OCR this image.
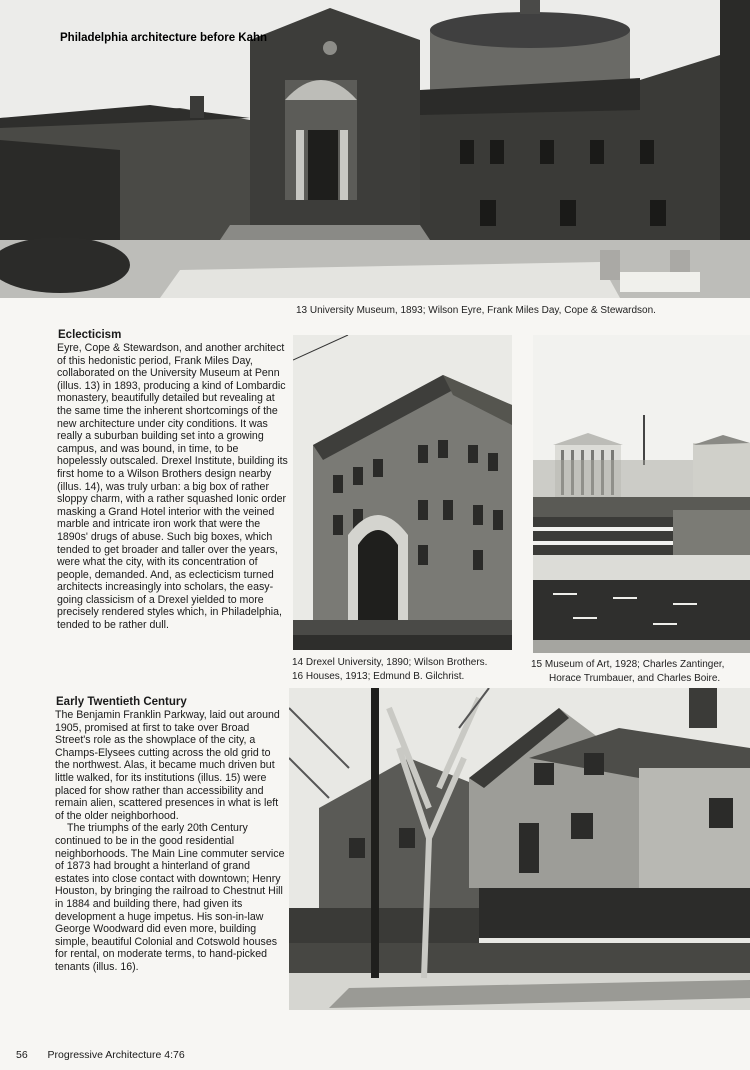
Philadelphia architecture before Kahn
13 University Museum, 1893; Wilson Eyre, Frank Miles Day, Cope & Stewardson.
14 Drexel University, 1890; Wilson Brothers.
16 Houses, 1913; Edmund B. Gilchrist.
15 Museum of Art, 1928; Charles Zantinger,
Horace Trumbauer, and Charles Boire.
Eclecticism

Eyre, Cope & Stewardson, and another architect of this hedonistic period, Frank Miles Day, collaborated on the University Museum at Penn (illus. 13) in 1893, producing a kind of Lombardic monastery, beautifully detailed but revealing at the same time the inherent shortcomings of the new architecture under city conditions. It was really a suburban building set into a growing campus, and was bound, in time, to be hopelessly outscaled. Drexel Institute, building its first home to a Wilson Brothers design nearby (illus. 14), was truly urban: a big box of rather sloppy charm, with a rather squashed Ionic order masking a Grand Hotel interior with the veined marble and intricate iron work that were the 1890s' drugs of abuse. Such big boxes, which tended to get broader and taller over the years, were what the city, with its concentration of people, demanded. And, as eclecticism turned architects increasingly into scholars, the easy-going classicism of a Drexel yielded to more precisely rendered styles which, in Philadelphia, tended to be rather dull.

Early Twentieth Century

The Benjamin Franklin Parkway, laid out around 1905, promised at first to take over Broad Street's role as the showplace of the city, a Champs-Elysees cutting across the old grid to the northwest. Alas, it became much driven but little walked, for its institutions (illus. 15) were placed for show rather than accessibility and remain alien, scattered presences in what is left of the older neighborhood.

The triumphs of the early 20th Century continued to be in the good residential neighborhoods. The Main Line commuter service of 1873 had brought a hinterland of grand estates into close contact with downtown; Henry Houston, by bringing the railroad to Chestnut Hill in 1884 and building there, had given its development a huge impetus. His son-in-law George Woodward did even more, building simple, beautiful Colonial and Cotswold houses for rental, on moderate terms, to hand-picked tenants (illus. 16).

56 Progressive Architecture 4:76
